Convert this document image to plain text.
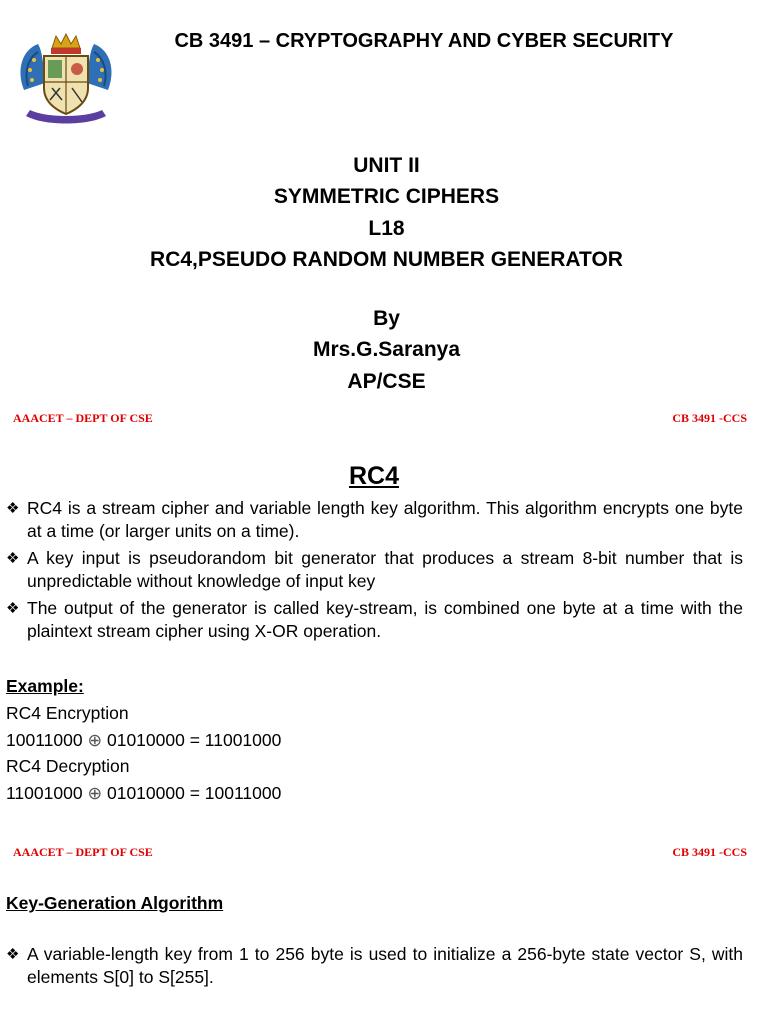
CB 3491 – CRYPTOGRAPHY AND CYBER SECURITY
UNIT II
SYMMETRIC CIPHERS
L18
RC4,PSEUDO RANDOM NUMBER GENERATOR
By
Mrs.G.Saranya
AP/CSE
AAACET – DEPT OF CSE	CB 3491 -CCS
RC4
❖ RC4 is a stream cipher and variable length key algorithm. This algorithm encrypts one byte at a time (or larger units on a time).
❖ A key input is pseudorandom bit generator that produces a stream 8-bit number that is unpredictable without knowledge of input key
❖ The output of the generator is called key-stream, is combined one byte at a time with the plaintext stream cipher using X-OR operation.
Example:
RC4 Encryption
10011000 ⊕ 01010000 = 11001000
RC4 Decryption
11001000 ⊕ 01010000 = 10011000
AAACET – DEPT OF CSE	CB 3491 -CCS
Key-Generation Algorithm
❖ A variable-length key from 1 to 256 byte is used to initialize a 256-byte state vector S, with elements S[0] to S[255].
